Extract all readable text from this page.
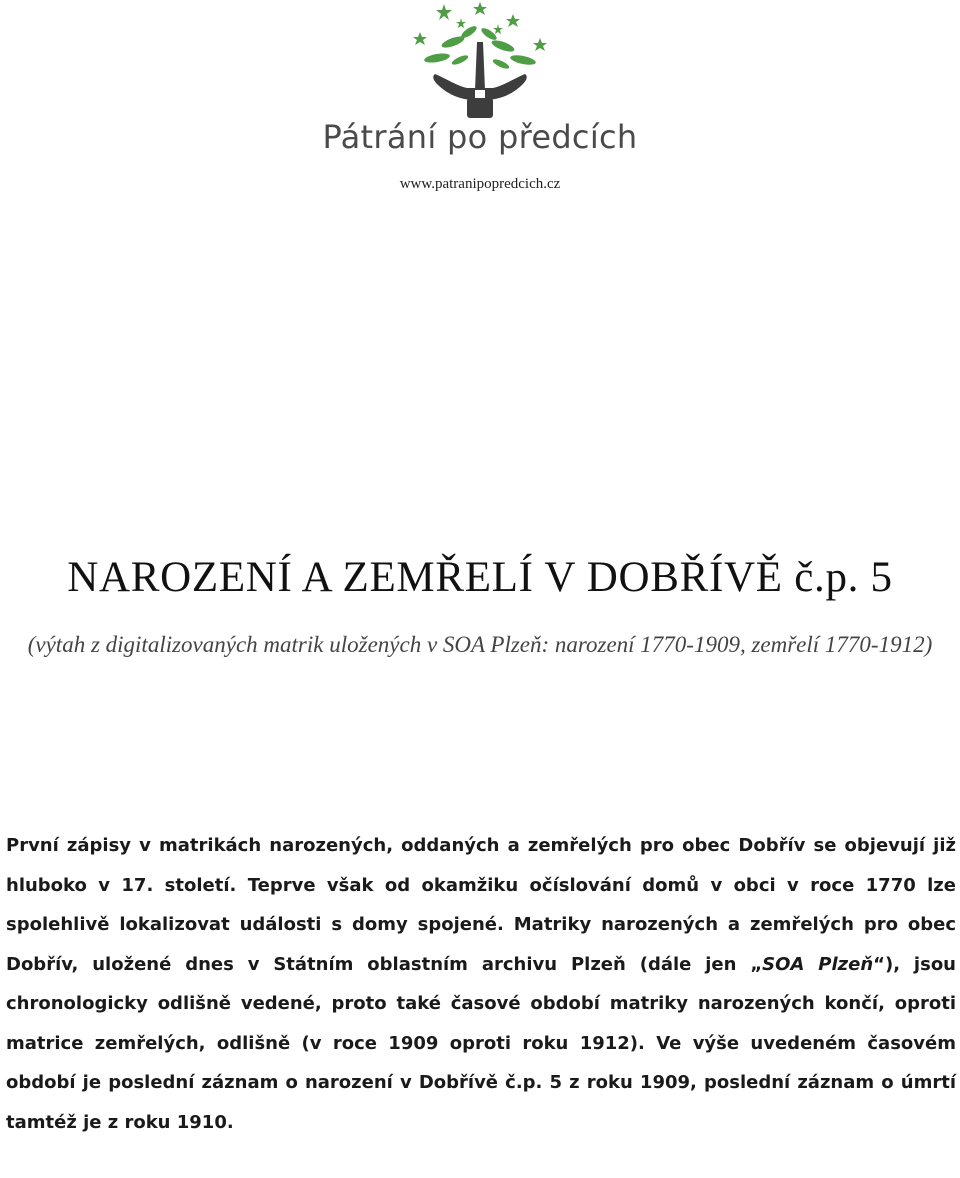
Pátrání po předcích
www.patranipopredcich.cz
NAROZENÍ A ZEMŘELÍ V DOBŘÍVĚ č.p. 5
(výtah z digitalizovaných matrik uložených v SOA Plzeň: narození 1770-1909, zemřelí 1770-1912)

První zápisy v matrikách narozených, oddaných a zemřelých pro obec Dobřív se objevují již hluboko v 17. století. Teprve však od okamžiku očíslování domů v obci v roce 1770 lze spolehlivě lokalizovat události s domy spojené. Matriky narozených a zemřelých pro obec Dobřív, uložené dnes v Státním oblastním archivu Plzeň (dále jen „SOA Plzeň“), jsou chronologicky odlišně vedené, proto také časové období matriky narozených končí, oproti matrice zemřelých, odlišně (v roce 1909 oproti roku 1912). Ve výše uvedeném časovém období je poslední záznam o narození v Dobřívě č.p. 5 z roku 1909, poslední záznam o úmrtí tamtéž je z roku 1910.
